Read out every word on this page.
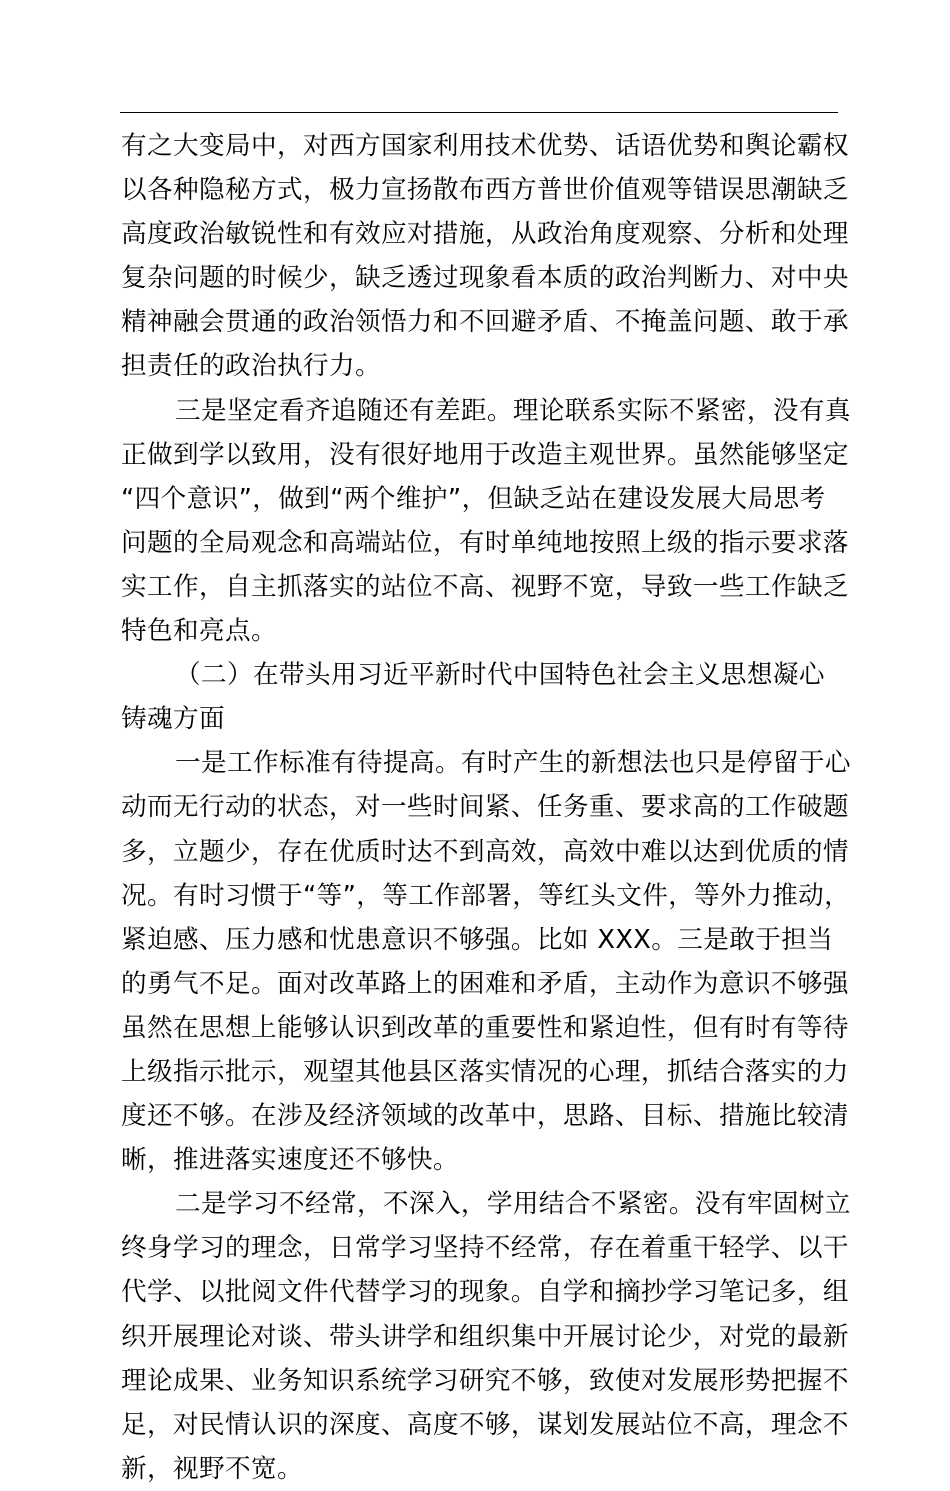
有之大变局中，对西方国家利用技术优势、话语优势和舆论霸权
以各种隐秘方式，极力宣扬散布西方普世价值观等错误思潮缺乏
高度政治敏锐性和有效应对措施，从政治角度观察、分析和处理
复杂问题的时候少，缺乏透过现象看本质的政治判断力、对中央
精神融会贯通的政治领悟力和不回避矛盾、不掩盖问题、敢于承
担责任的政治执行力。

三是坚定看齐追随还有差距。理论联系实际不紧密，没有真
正做到学以致用，没有很好地用于改造主观世界。虽然能够坚定
“四个意识”，做到“两个维护”，但缺乏站在建设发展大局思考
问题的全局观念和高端站位，有时单纯地按照上级的指示要求落
实工作，自主抓落实的站位不高、视野不宽，导致一些工作缺乏
特色和亮点。

（二）在带头用习近平新时代中国特色社会主义思想凝心
铸魂方面

一是工作标准有待提高。有时产生的新想法也只是停留于心
动而无行动的状态，对一些时间紧、任务重、要求高的工作破题
多，立题少，存在优质时达不到高效，高效中难以达到优质的情
况。有时习惯于“等”，等工作部署，等红头文件，等外力推动，
紧迫感、压力感和忧患意识不够强。比如 XXX。三是敢于担当
的勇气不足。面对改革路上的困难和矛盾，主动作为意识不够强
虽然在思想上能够认识到改革的重要性和紧迫性，但有时有等待
上级指示批示，观望其他县区落实情况的心理，抓结合落实的力
度还不够。在涉及经济领域的改革中，思路、目标、措施比较清
晰，推进落实速度还不够快。

二是学习不经常，不深入，学用结合不紧密。没有牢固树立
终身学习的理念，日常学习坚持不经常，存在着重干轻学、以干
代学、以批阅文件代替学习的现象。自学和摘抄学习笔记多，组
织开展理论对谈、带头讲学和组织集中开展讨论少，对党的最新
理论成果、业务知识系统学习研究不够，致使对发展形势把握不
足，对民情认识的深度、高度不够，谋划发展站位不高，理念不
新，视野不宽。
